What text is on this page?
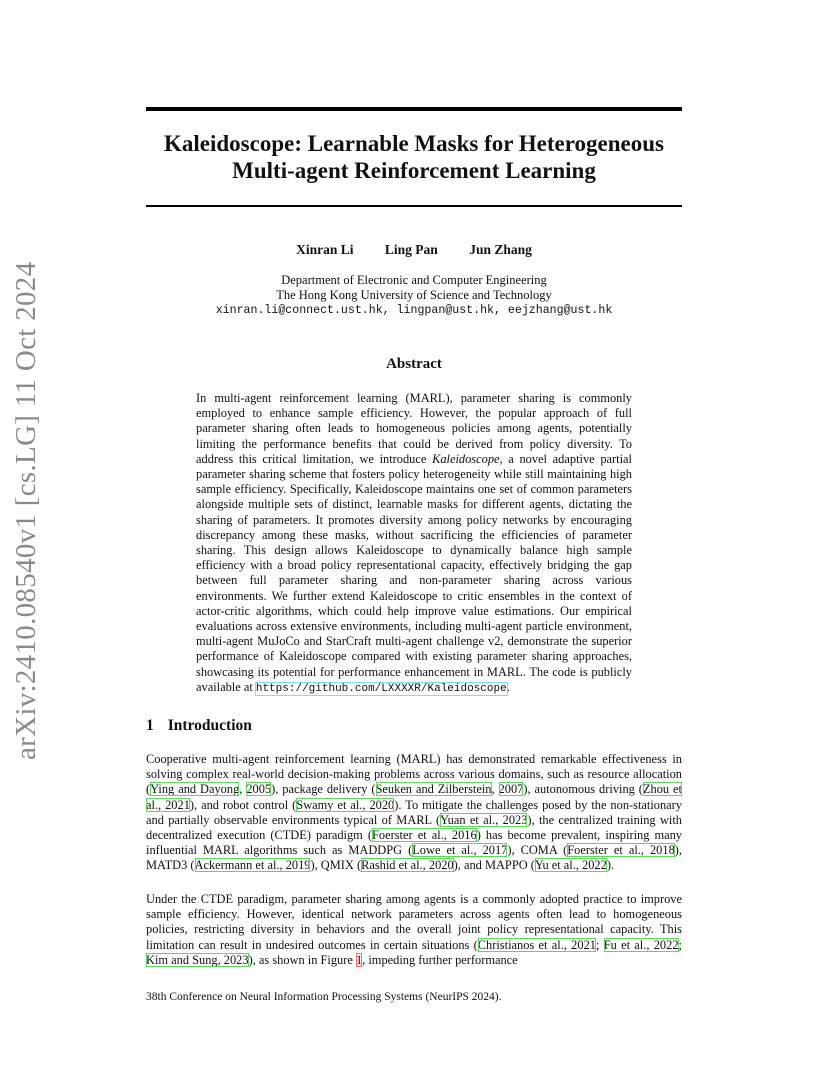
arXiv:2410.08540v1 [cs.LG] 11 Oct 2024
Kaleidoscope: Learnable Masks for Heterogeneous
Multi-agent Reinforcement Learning
Xinran Li Ling Pan Jun Zhang
Department of Electronic and Computer Engineering
The Hong Kong University of Science and Technology
xinran.li@connect.ust.hk, lingpan@ust.hk, eejzhang@ust.hk
Abstract

In multi-agent reinforcement learning (MARL), parameter sharing is commonly employed to enhance sample efficiency. However, the popular approach of full parameter sharing often leads to homogeneous policies among agents, potentially limiting the performance benefits that could be derived from policy diversity. To address this critical limitation, we introduce Kaleidoscope, a novel adaptive partial parameter sharing scheme that fosters policy heterogeneity while still maintaining high sample efficiency. Specifically, Kaleidoscope maintains one set of common parameters alongside multiple sets of distinct, learnable masks for different agents, dictating the sharing of parameters. It promotes diversity among policy networks by encouraging discrepancy among these masks, without sacrificing the efficiencies of parameter sharing. This design allows Kaleidoscope to dynamically balance high sample efficiency with a broad policy representational capacity, effectively bridging the gap between full parameter sharing and non-parameter sharing across various environments. We further extend Kaleidoscope to critic ensembles in the context of actor-critic algorithms, which could help improve value estimations. Our empirical evaluations across extensive environments, including multi-agent particle environment, multi-agent MuJoCo and StarCraft multi-agent challenge v2, demonstrate the superior performance of Kaleidoscope compared with existing parameter sharing approaches, showcasing its potential for performance enhancement in MARL. The code is publicly available at https://github.com/LXXXXR/Kaleidoscope.

1 Introduction

Cooperative multi-agent reinforcement learning (MARL) has demonstrated remarkable effectiveness in solving complex real-world decision-making problems across various domains, such as resource allocation (Ying and Dayong, 2005), package delivery (Seuken and Zilberstein, 2007), autonomous driving (Zhou et al., 2021), and robot control (Swamy et al., 2020). To mitigate the challenges posed by the non-stationary and partially observable environments typical of MARL (Yuan et al., 2023), the centralized training with decentralized execution (CTDE) paradigm (Foerster et al., 2016) has become prevalent, inspiring many influential MARL algorithms such as MADDPG (Lowe et al., 2017), COMA (Foerster et al., 2018), MATD3 (Ackermann et al., 2019), QMIX (Rashid et al., 2020), and MAPPO (Yu et al., 2022).

Under the CTDE paradigm, parameter sharing among agents is a commonly adopted practice to improve sample efficiency. However, identical network parameters across agents often lead to homogeneous policies, restricting diversity in behaviors and the overall joint policy representational capacity. This limitation can result in undesired outcomes in certain situations (Christianos et al., 2021; Fu et al., 2022; Kim and Sung, 2023), as shown in Figure 1, impeding further performance

38th Conference on Neural Information Processing Systems (NeurIPS 2024).
